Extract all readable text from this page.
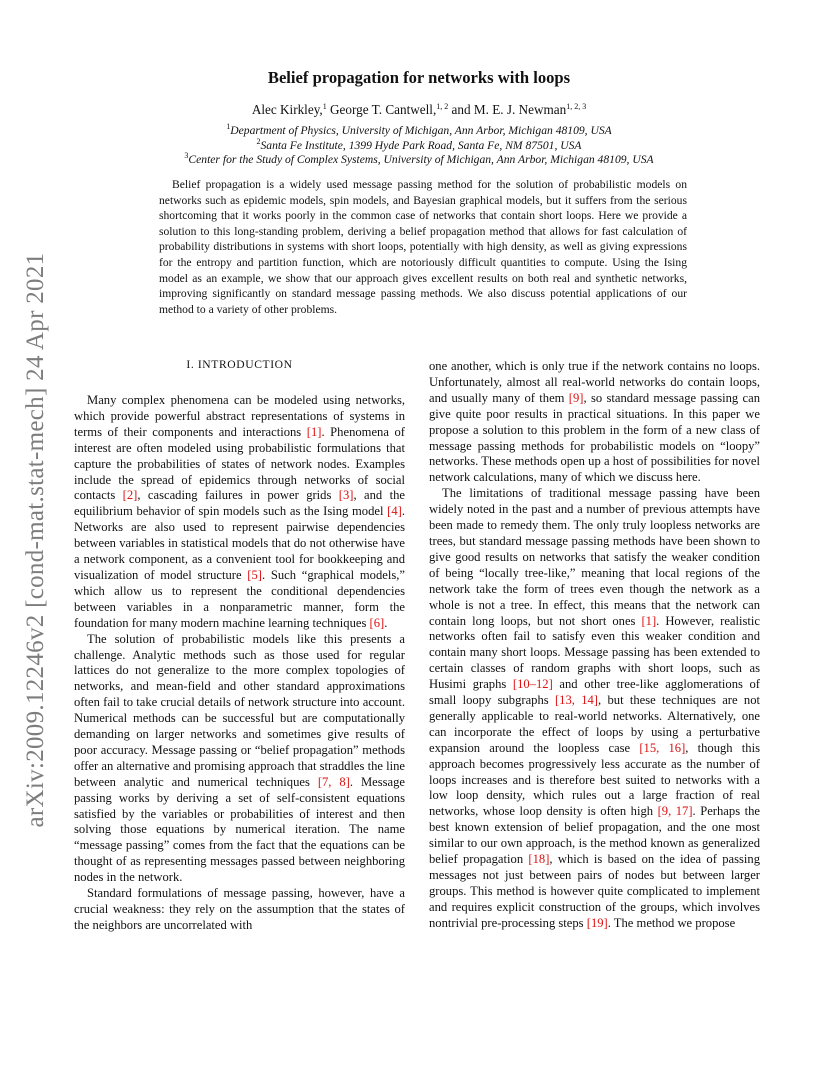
arXiv:2009.12246v2 [cond-mat.stat-mech] 24 Apr 2021
Belief propagation for networks with loops
Alec Kirkley,$^1$ George T. Cantwell,$^{1, 2}$ and M. E. J. Newman$^{1, 2, 3}$
$^1$Department of Physics, University of Michigan, Ann Arbor, Michigan 48109, USA
$^2$Santa Fe Institute, 1399 Hyde Park Road, Santa Fe, NM 87501, USA
$^3$Center for the Study of Complex Systems, University of Michigan, Ann Arbor, Michigan 48109, USA
Belief propagation is a widely used message passing method for the solution of probabilistic models on networks such as epidemic models, spin models, and Bayesian graphical models, but it suffers from the serious shortcoming that it works poorly in the common case of networks that contain short loops. Here we provide a solution to this long-standing problem, deriving a belief propagation method that allows for fast calculation of probability distributions in systems with short loops, potentially with high density, as well as giving expressions for the entropy and partition function, which are notoriously difficult quantities to compute. Using the Ising model as an example, we show that our approach gives excellent results on both real and synthetic networks, improving significantly on standard message passing methods. We also discuss potential applications of our method to a variety of other problems.
I. INTRODUCTION

Many complex phenomena can be modeled using networks, which provide powerful abstract representations of systems in terms of their components and interactions [1]. Phenomena of interest are often modeled using probabilistic formulations that capture the probabilities of states of network nodes. Examples include the spread of epidemics through networks of social contacts [2], cascading failures in power grids [3], and the equilibrium behavior of spin models such as the Ising model [4]. Networks are also used to represent pairwise dependencies between variables in statistical models that do not otherwise have a network component, as a convenient tool for bookkeeping and visualization of model structure [5]. Such “graphical models,” which allow us to represent the conditional dependencies between variables in a nonparametric manner, form the foundation for many modern machine learning techniques [6].

The solution of probabilistic models like this presents a challenge. Analytic methods such as those used for regular lattices do not generalize to the more complex topologies of networks, and mean-field and other standard approximations often fail to take crucial details of network structure into account. Numerical methods can be successful but are computationally demanding on larger networks and sometimes give results of poor accuracy. Message passing or “belief propagation” methods offer an alternative and promising approach that straddles the line between analytic and numerical techniques [7, 8]. Message passing works by deriving a set of self-consistent equations satisfied by the variables or probabilities of interest and then solving those equations by numerical iteration. The name “message passing” comes from the fact that the equations can be thought of as representing messages passed between neighboring nodes in the network.

Standard formulations of message passing, however, have a crucial weakness: they rely on the assumption that the states of the neighbors are uncorrelated with

one another, which is only true if the network contains no loops. Unfortunately, almost all real-world networks do contain loops, and usually many of them [9], so standard message passing can give quite poor results in practical situations. In this paper we propose a solution to this problem in the form of a new class of message passing methods for probabilistic models on “loopy” networks. These methods open up a host of possibilities for novel network calculations, many of which we discuss here.

The limitations of traditional message passing have been widely noted in the past and a number of previous attempts have been made to remedy them. The only truly loopless networks are trees, but standard message passing methods have been shown to give good results on networks that satisfy the weaker condition of being “locally tree-like,” meaning that local regions of the network take the form of trees even though the network as a whole is not a tree. In effect, this means that the network can contain long loops, but not short ones [1]. However, realistic networks often fail to satisfy even this weaker condition and contain many short loops. Message passing has been extended to certain classes of random graphs with short loops, such as Husimi graphs [10–12] and other tree-like agglomerations of small loopy subgraphs [13, 14], but these techniques are not generally applicable to real-world networks. Alternatively, one can incorporate the effect of loops by using a perturbative expansion around the loopless case [15, 16], though this approach becomes progressively less accurate as the number of loops increases and is therefore best suited to networks with a low loop density, which rules out a large fraction of real networks, whose loop density is often high [9, 17]. Perhaps the best known extension of belief propagation, and the one most similar to our own approach, is the method known as generalized belief propagation [18], which is based on the idea of passing messages not just between pairs of nodes but between larger groups. This method is however quite complicated to implement and requires explicit construction of the groups, which involves nontrivial pre-processing steps [19]. The method we propose
